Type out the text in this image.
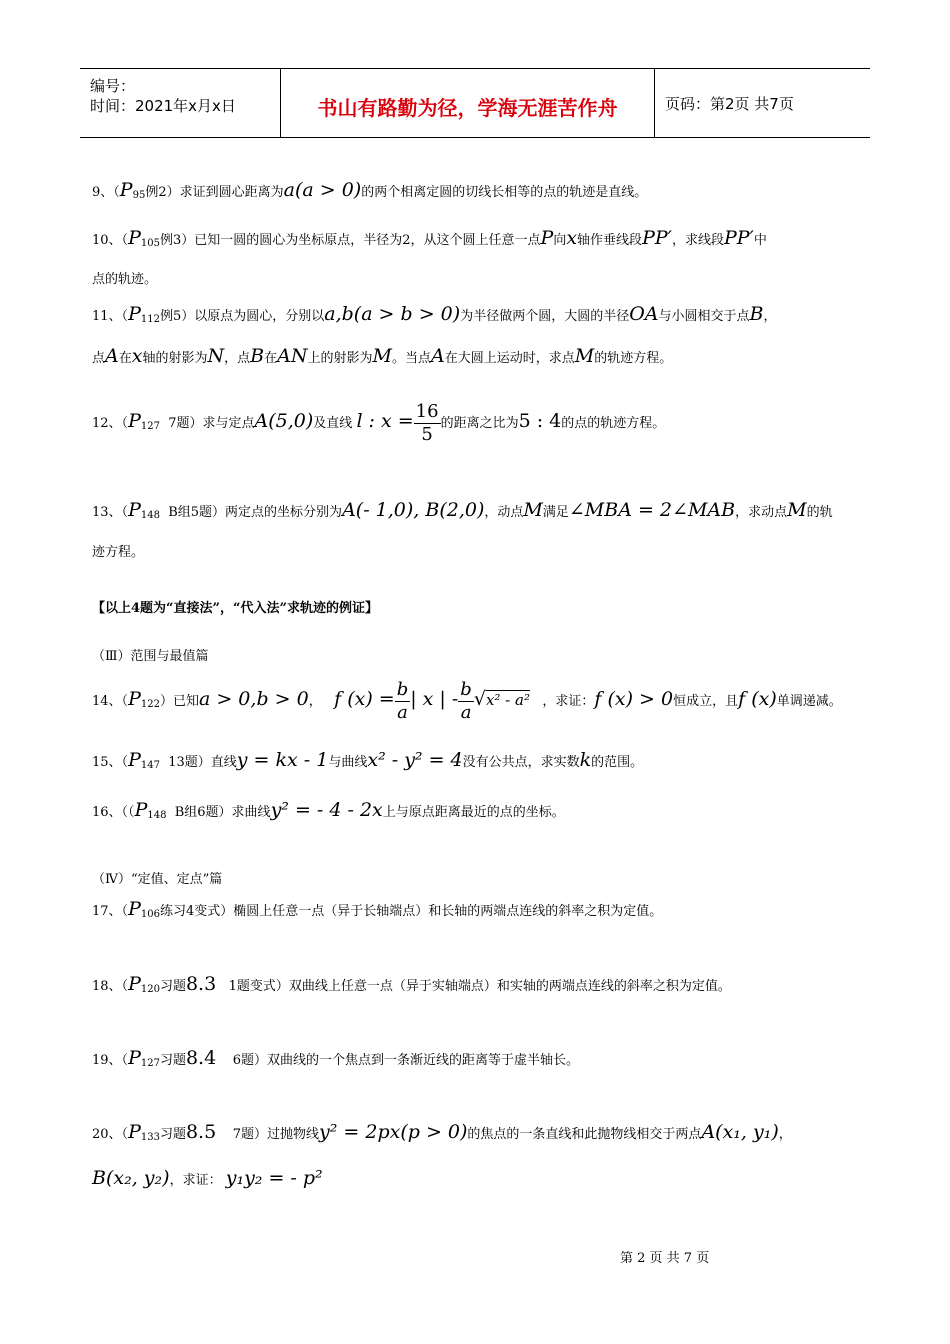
编号：
时间：2021年x月x日	书山有路勤为径，学海无涯苦作舟	页码：第2页 共7页
9、（$P_{95}$例2）求证到圆心距离为a(a > 0)的两个相离定圆的切线长相等的点的轨迹是直线。
10、（$P_{105}$例3）已知一圆的圆心为坐标原点，半径为2，从这个圆上任意一点P向x轴作垂线段PP′，求线段PP′中
点的轨迹。
11、（$P_{112}$例5）以原点为圆心，分别以a,b(a > b > 0)为半径做两个圆，大圆的半径OA与小圆相交于点B，
点A在x轴的射影为N，点B在AN上的射影为M。当点A在大圆上运动时，求点M的轨迹方程。
12、（$P_{127}$ 7题）求与定点A(5,0)及直线 l : $x = \frac{16}{5}$ 的距离之比为5 : 4的点的轨迹方程。
13、（$P_{148}$ B组5题）两定点的坐标分别为A(- 1,0), B(2,0)，动点M满足∠MBA = 2∠MAB，求动点M的轨
迹方程。
【以上4题为“直接法”，“代入法”求轨迹的例证】
（Ⅲ）范围与最值篇
14、$(P_{122})$已知a > 0,b > 0， f $(x) = \frac{b}{a}$ | x | - $\frac{b}{a} √x^2 - a^2$ ，求证：f (x) > 0恒成立，且f (x)单调递减。
15、（$P_{147}$ 13题）直线y = kx - 1与曲线x² - y² = 4没有公共点，求实数k的范围。
16、（（$P_{148}$ B组6题）求曲线y² = - 4 - 2x上与原点距离最近的点的坐标。
（Ⅳ）“定值、定点”篇
17、（$P_{106}$练习4变式）椭圆上任意一点（异于长轴端点）和长轴的两端点连线的斜率之积为定值。
18、（$P_{120}$习题8.3 1题变式）双曲线上任意一点（异于实轴端点）和实轴的两端点连线的斜率之积为定值。
19、（$P_{127}$习题8.4 6题）双曲线的一个焦点到一条渐近线的距离等于虚半轴长。
20、（$P_{133}$习题8.5 7题）过抛物线y² = 2px(p > 0)的焦点的一条直线和此抛物线相交于两点A(x₁, y₁)，
B(x₂, y₂)，求证： y₁y₂ = - p²
第 2 页 共 7 页
